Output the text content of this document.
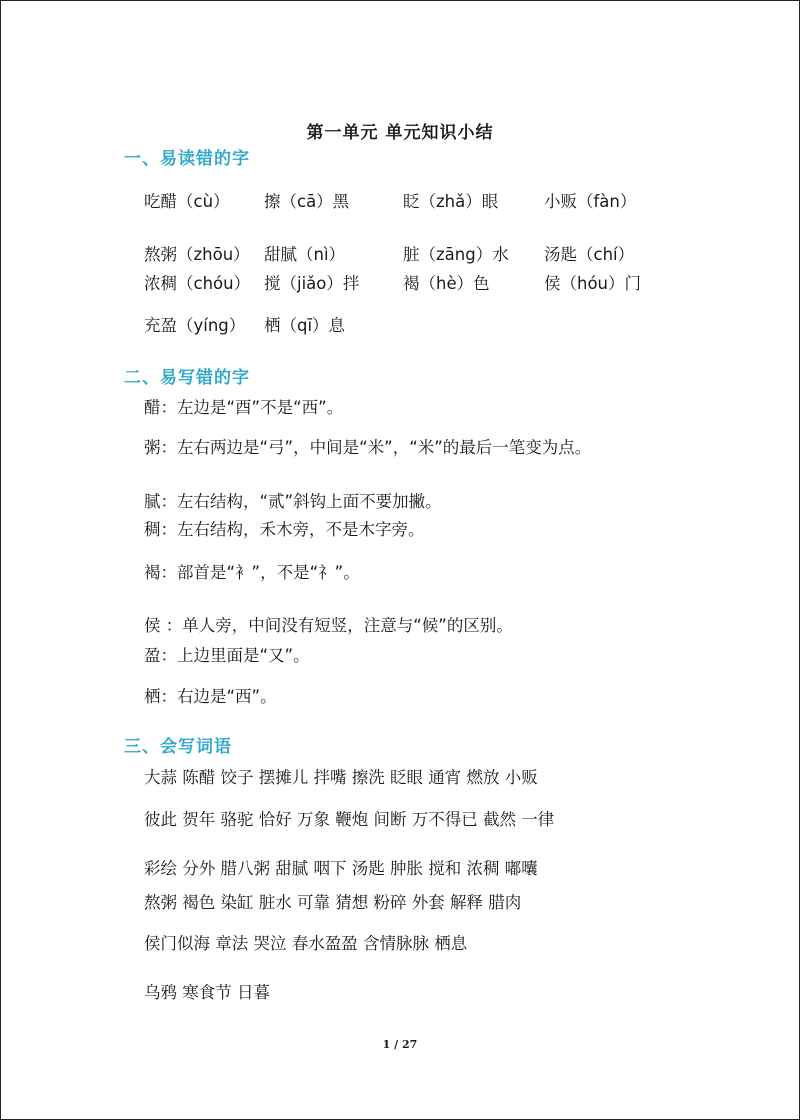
第一单元 单元知识小结
一、易读错的字
吃醋（cù） 擦（cā）黑	眨（zhǎ）眼	小贩（fàn）
熬粥（zhōu） 甜腻（nì）	脏（zāng）水 汤匙（chí）
浓稠（chóu） 搅（jiǎo）拌	褐（hè）色	侯（hóu）门
充盈（yíng） 栖（qī）息
二、易写错的字
醋：左边是“酉”不是“西”。
粥：左右两边是“弓”，中间是“米”，“米”的最后一笔变为点。
腻：左右结构，“贰”斜钩上面不要加撇。
稠：左右结构，禾木旁，不是木字旁。
褐：部首是“衤”，不是“礻”。
侯 ：单人旁，中间没有短竖，注意与“候”的区别。
盈：上边里面是“又”。
栖：右边是“西”。
三、会写词语
大蒜 陈醋 饺子 摆摊儿 拌嘴 擦洗 眨眼 通宵 燃放 小贩
彼此 贺年 骆驼 恰好 万象 鞭炮 间断 万不得已 截然 一律
彩绘 分外 腊八粥 甜腻 咽下 汤匙 肿胀 搅和 浓稠 嘟囔
熬粥 褐色 染缸 脏水 可靠 猜想 粉碎 外套 解释 腊肉
侯门似海 章法 哭泣 春水盈盈 含情脉脉 栖息
乌鸦 寒食节 日暮
1 / 27
